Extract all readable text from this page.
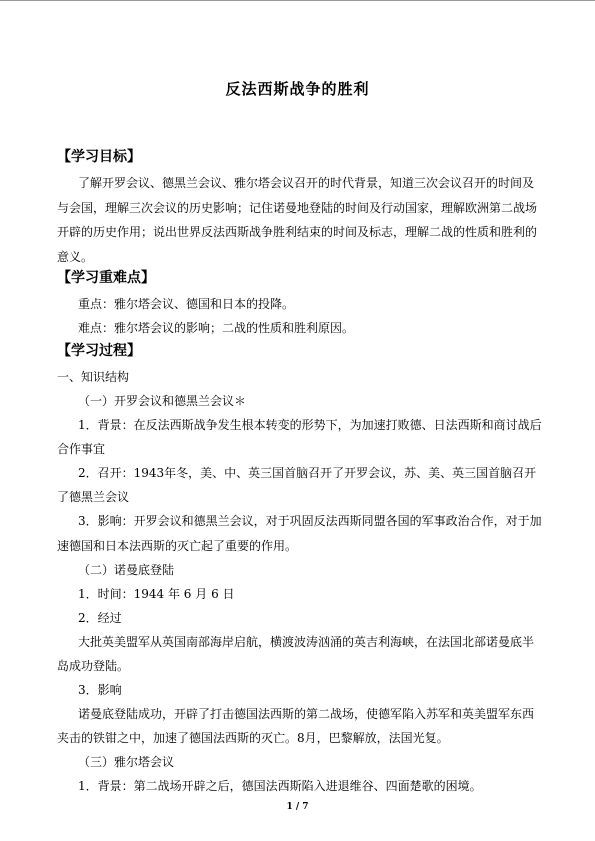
反法西斯战争的胜利
【学习目标】
了解开罗会议、德黑兰会议、雅尔塔会议召开的时代背景，知道三次会议召开的时间及
与会国，理解三次会议的历史影响；记住诺曼地登陆的时间及行动国家，理解欧洲第二战场
开辟的历史作用；说出世界反法西斯战争胜利结束的时间及标志，理解二战的性质和胜利的
意义。
【学习重难点】
重点：雅尔塔会议、德国和日本的投降。
难点：雅尔塔会议的影响；二战的性质和胜利原因。
【学习过程】
一、知识结构
（一）开罗会议和德黑兰会议＊
1．背景：在反法西斯战争发生根本转变的形势下，为加速打败德、日法西斯和商讨战后
合作事宜
2．召开：1943年冬，美、中、英三国首脑召开了开罗会议，苏、美、英三国首脑召开
了德黑兰会议
3．影响：开罗会议和德黑兰会议，对于巩固反法西斯同盟各国的军事政治合作，对于加
速德国和日本法西斯的灭亡起了重要的作用。
（二）诺曼底登陆
1．时间：1944 年 6 月 6 日
2．经过
大批英美盟军从英国南部海岸启航，横渡波涛汹涌的英吉利海峡，在法国北部诺曼底半
岛成功登陆。
3．影响
诺曼底登陆成功，开辟了打击德国法西斯的第二战场，使德军陷入苏军和英美盟军东西
夹击的铁钳之中，加速了德国法西斯的灭亡。8月，巴黎解放，法国光复。
（三）雅尔塔会议
1．背景：第二战场开辟之后，德国法西斯陷入进退维谷、四面楚歌的困境。
1 / 7
